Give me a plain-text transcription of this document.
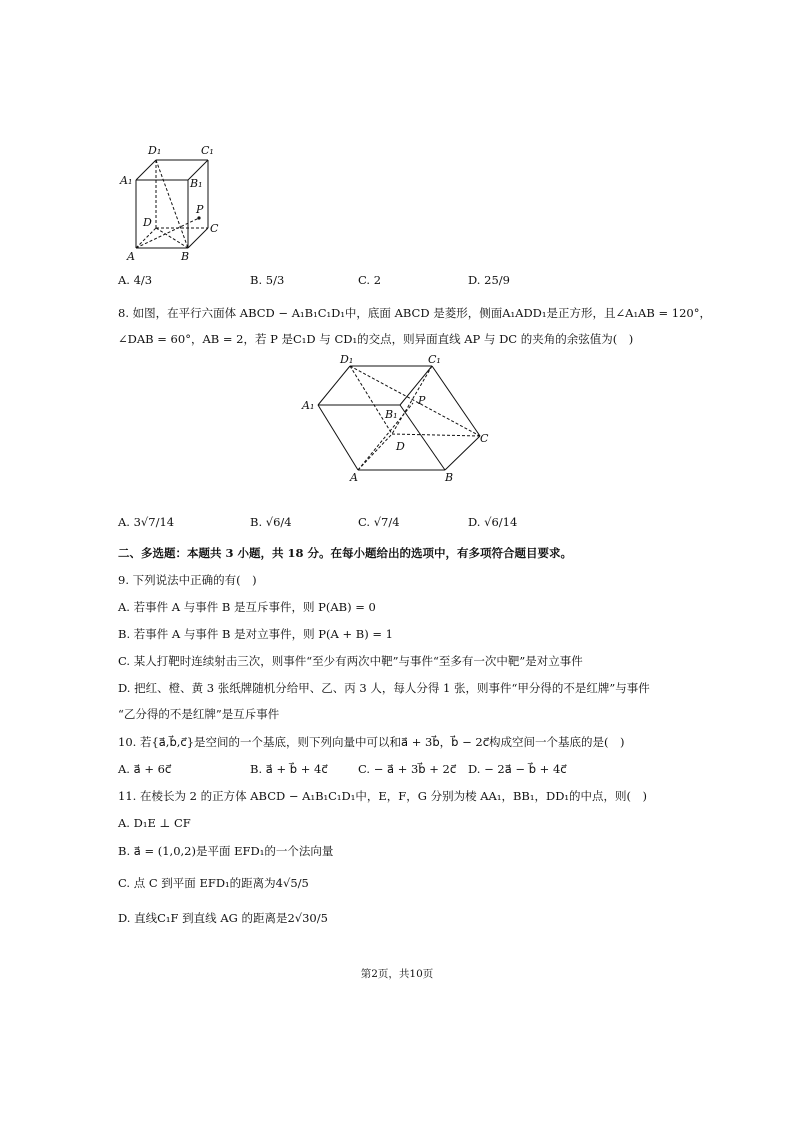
D₁	C₁
A₁	B₁
D	C
A	B
P
A. 4/3	B. 5/3	C. 2	D. 25/9
8. 如图，在平行六面体 ABCD − A₁B₁C₁D₁中，底面 ABCD 是菱形，侧面A₁ADD₁是正方形，且∠A₁AB = 120°，
∠DAB = 60°，AB = 2，若 P 是C₁D 与 CD₁的交点，则异面直线 AP 与 DC 的夹角的余弦值为(　)
D₁	C₁
A₁
B₁
P
D
C
A	B
A. 3√7/14	B. √6/4	C. √7/4	D. √6/14
二、多选题：本题共 3 小题，共 18 分。在每小题给出的选项中，有多项符合题目要求。
9. 下列说法中正确的有(　)
A. 若事件 A 与事件 B 是互斥事件，则 P(AB) = 0
B. 若事件 A 与事件 B 是对立事件，则 P(A + B) = 1
C. 某人打靶时连续射击三次，则事件“至少有两次中靶”与事件“至多有一次中靶”是对立事件
D. 把红、橙、黄 3 张纸牌随机分给甲、乙、丙 3 人，每人分得 1 张，则事件“甲分得的不是红牌”与事件
“乙分得的不是红牌”是互斥事件
10. 若{a⃗,b⃗,c⃗}是空间的一个基底，则下列向量中可以和a⃗ + 3b⃗，b⃗ − 2c⃗构成空间一个基底的是(　)
A. a⃗ + 6c⃗	B. a⃗ + b⃗ + 4c⃗	C. − a⃗ + 3b⃗ + 2c⃗ D. − 2a⃗ − b⃗ + 4c⃗
11. 在棱长为 2 的正方体 ABCD − A₁B₁C₁D₁中，E，F，G 分别为棱 AA₁，BB₁，DD₁的中点，则(　)
A. D₁E ⊥ CF
B. a⃗ = (1,0,2)是平面 EFD₁的一个法向量
C. 点 C 到平面 EFD₁的距离为4√5/5
D. 直线C₁F 到直线 AG 的距离是2√30/5
第2页，共10页
